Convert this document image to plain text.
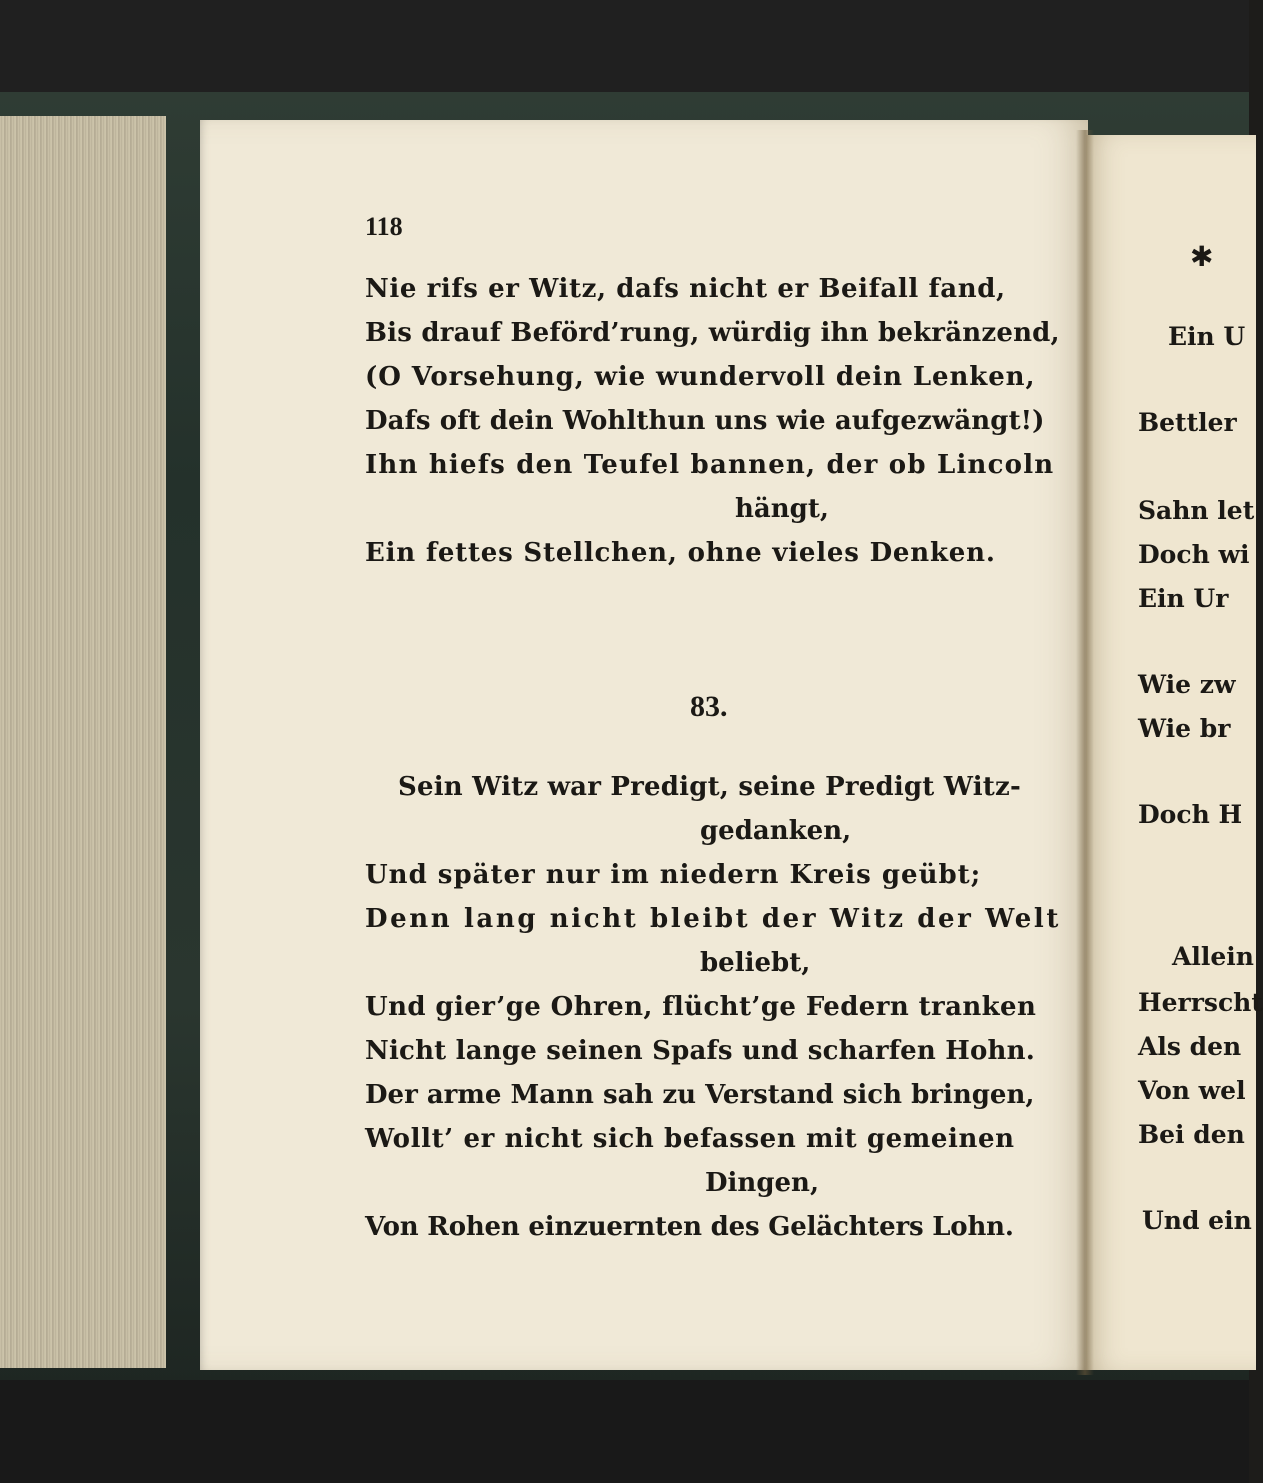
118
Nie rifs er Witz, dafs nicht er Beifall fand,
Bis drauf Beförd’rung, würdig ihn bekränzend,
(O Vorsehung, wie wundervoll dein Lenken,
Dafs oft dein Wohlthun uns wie aufgezwängt!)
Ihn hiefs den Teufel bannen, der ob Lincoln
hängt,
Ein fettes Stellchen, ohne vieles Denken.
83.
Sein Witz war Predigt, seine Predigt Witz-
gedanken,
Und später nur im niedern Kreis geübt;
Denn lang nicht bleibt der Witz der Welt
beliebt,
Und gier’ge Ohren, flücht’ge Federn tranken
Nicht lange seinen Spafs und scharfen Hohn.
Der arme Mann sah zu Verstand sich bringen,
Wollt’ er nicht sich befassen mit gemeinen
Dingen,
Von Rohen einzuernten des Gelächters Lohn.
✱
Ein U
Bettler
Sahn let
Doch wi
Ein Ur
Wie zw
Wie br
Doch H
Allein
Herrscht
Als den
Von wel
Bei den
Und ein
